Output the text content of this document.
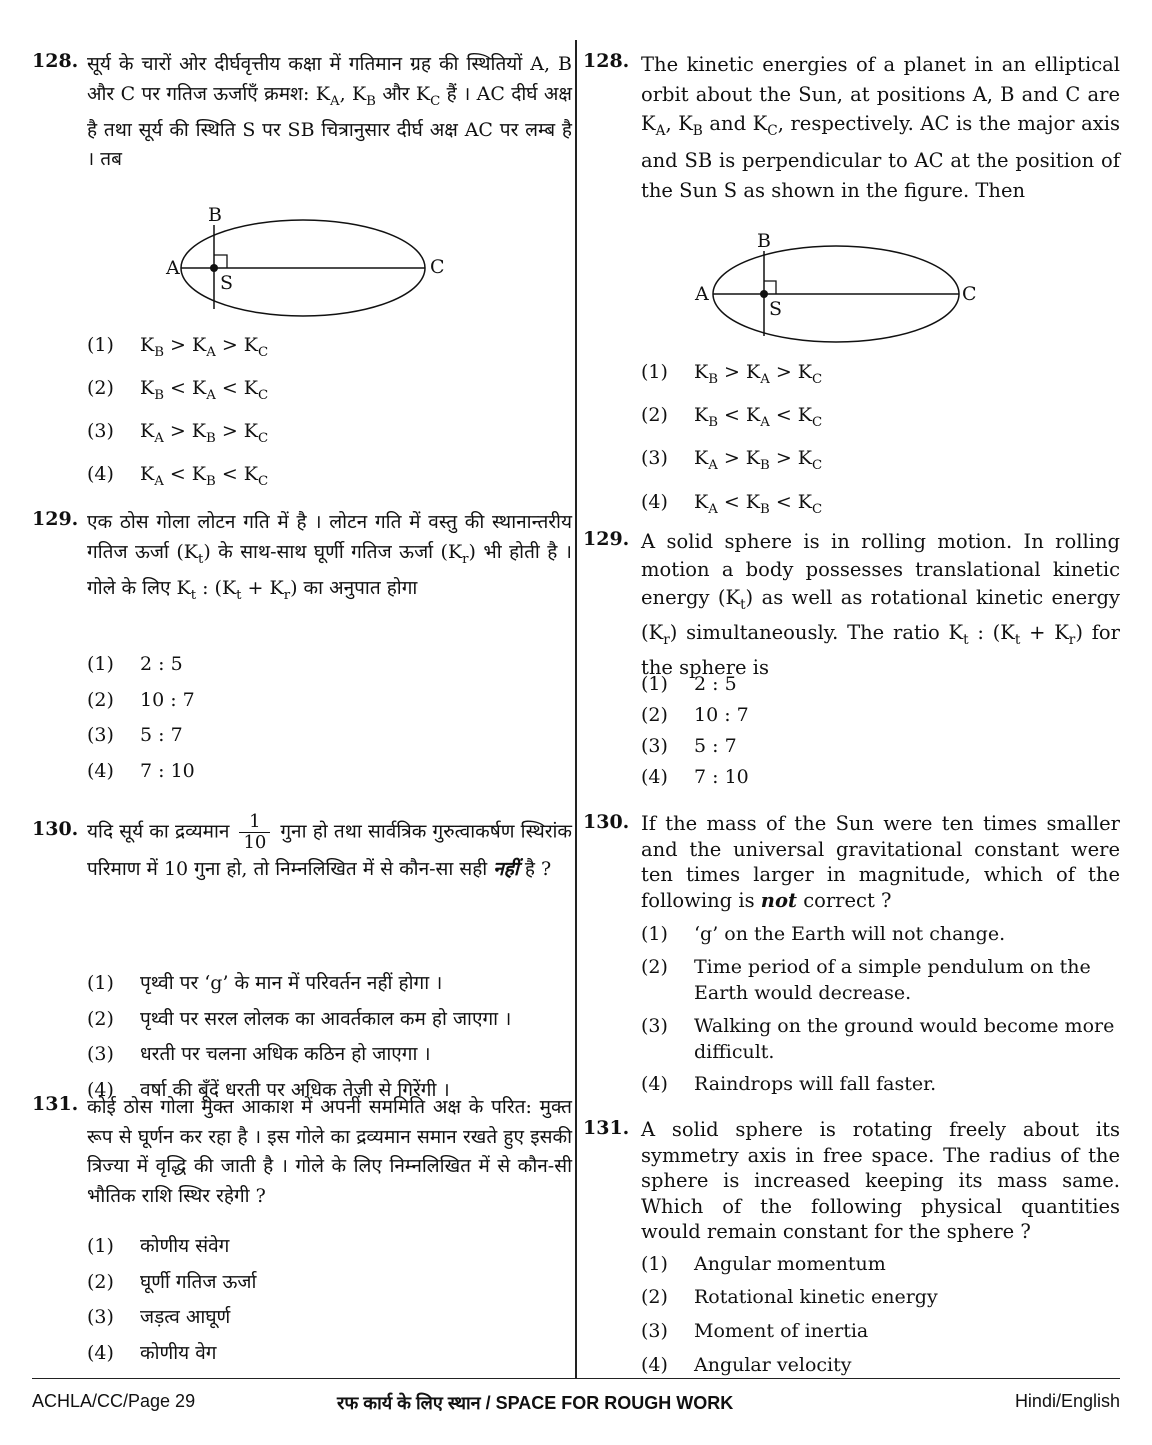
128. सूर्य के चारों ओर दीर्घवृत्तीय कक्षा में गतिमान ग्रह की स्थितियों A, B और C पर गतिज ऊर्जाएँ क्रमश: $K_A$, $K_B$ और $K_C$ हैं । AC दीर्घ अक्ष है तथा सूर्य की स्थिति S पर SB चित्रानुसार दीर्घ अक्ष AC पर लम्ब है । तब
A
B
C
S
(1) $K_B > K_A > K_C$
(2) $K_B < K_A < K_C$
(3) $K_A > K_B > K_C$
(4) $K_A < K_B < K_C$
129. एक ठोस गोला लोटन गति में है । लोटन गति में वस्तु की स्थानान्तरीय गतिज ऊर्जा $(K_t)$ के साथ-साथ घूर्णी गतिज ऊर्जा $(K_r)$ भी होती है । गोले के लिए $K_t$ : $(K_t + K_r)$ का अनुपात होगा
(1) 2 : 5
(2) 10 : 7
(3) 5 : 7
(4) 7 : 10
130. यदि सूर्य का द्रव्यमान $\frac{1}{10}$ गुना हो तथा सार्वत्रिक गुरुत्वाकर्षण स्थिरांक परिमाण में 10 गुना हो, तो निम्नलिखित में से कौन-सा सही नहीं है ?
(1) पृथ्वी पर ‘g’ के मान में परिवर्तन नहीं होगा ।
(2) पृथ्वी पर सरल लोलक का आवर्तकाल कम हो जाएगा ।
(3) धरती पर चलना अधिक कठिन हो जाएगा ।
(4) वर्षा की बूँदें धरती पर अधिक तेज़ी से गिरेंगी ।
131. कोई ठोस गोला मुक्त आकाश में अपनी सममिति अक्ष के परित: मुक्त रूप से घूर्णन कर रहा है । इस गोले का द्रव्यमान समान रखते हुए इसकी त्रिज्या में वृद्धि की जाती है । गोले के लिए निम्नलिखित में से कौन-सी भौतिक राशि स्थिर रहेगी ?
(1) कोणीय संवेग
(2) घूर्णी गतिज ऊर्जा
(3) जड़त्व आघूर्ण
(4) कोणीय वेग
128. The kinetic energies of a planet in an elliptical orbit about the Sun, at positions A, B and C are $K_A$, $K_B$ and $K_C$, respectively. AC is the major axis and SB is perpendicular to AC at the position of the Sun S as shown in the figure. Then
A
B
C
S
(1) $K_B > K_A > K_C$
(2) $K_B < K_A < K_C$
(3) $K_A > K_B > K_C$
(4) $K_A < K_B < K_C$
129. A solid sphere is in rolling motion. In rolling motion a body possesses translational kinetic energy $(K_t)$ as well as rotational kinetic energy $(K_r)$ simultaneously. The ratio $K_t$ : $(K_t + K_r)$ for the sphere is
(1) 2 : 5
(2) 10 : 7
(3) 5 : 7
(4) 7 : 10
130. If the mass of the Sun were ten times smaller and the universal gravitational constant were ten times larger in magnitude, which of the following is not correct ?
(1) ‘g’ on the Earth will not change.
(2) Time period of a simple pendulum on the Earth would decrease.
(3) Walking on the ground would become more difficult.
(4) Raindrops will fall faster.
131. A solid sphere is rotating freely about its symmetry axis in free space. The radius of the sphere is increased keeping its mass same. Which of the following physical quantities would remain constant for the sphere ?
(1) Angular momentum
(2) Rotational kinetic energy
(3) Moment of inertia
(4) Angular velocity
ACHLA/CC/Page 29	रफ कार्य के लिए स्थान / SPACE FOR ROUGH WORK	Hindi/English
